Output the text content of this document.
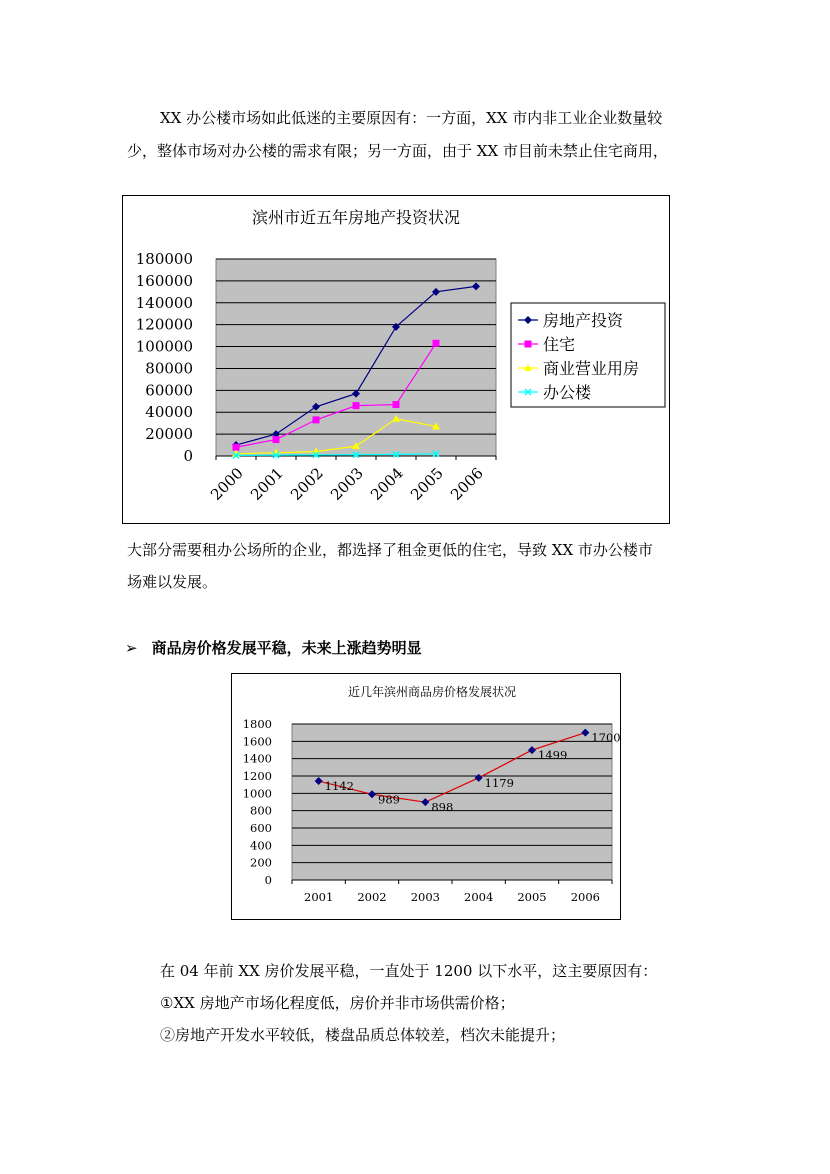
XX 办公楼市场如此低迷的主要原因有：一方面，XX 市内非工业企业数量较
少，整体市场对办公楼的需求有限；另一方面，由于 XX 市目前未禁止住宅商用，
滨州市近五年房地产投资状况
180000
160000
140000
120000
100000
80000
60000
40000
20000
0
2000 2001 2002 2003 2004 2005 2006
房地产投资
住宅
商业营业用房
办公楼
大部分需要租办公场所的企业，都选择了租金更低的住宅，导致 XX 市办公楼市
场难以发展。
➢ 商品房价格发展平稳，未来上涨趋势明显
近几年滨州商品房价格发展状况
1800
1600
1400
1200
1000
800
600
400
200
0
2001 2002 2003 2004 2005 2006
1142
989
898
1179
1499
1700
在 04 年前 XX 房价发展平稳，一直处于 1200 以下水平，这主要原因有：
①XX 房地产市场化程度低，房价并非市场供需价格；
②房地产开发水平较低，楼盘品质总体较差，档次未能提升；
